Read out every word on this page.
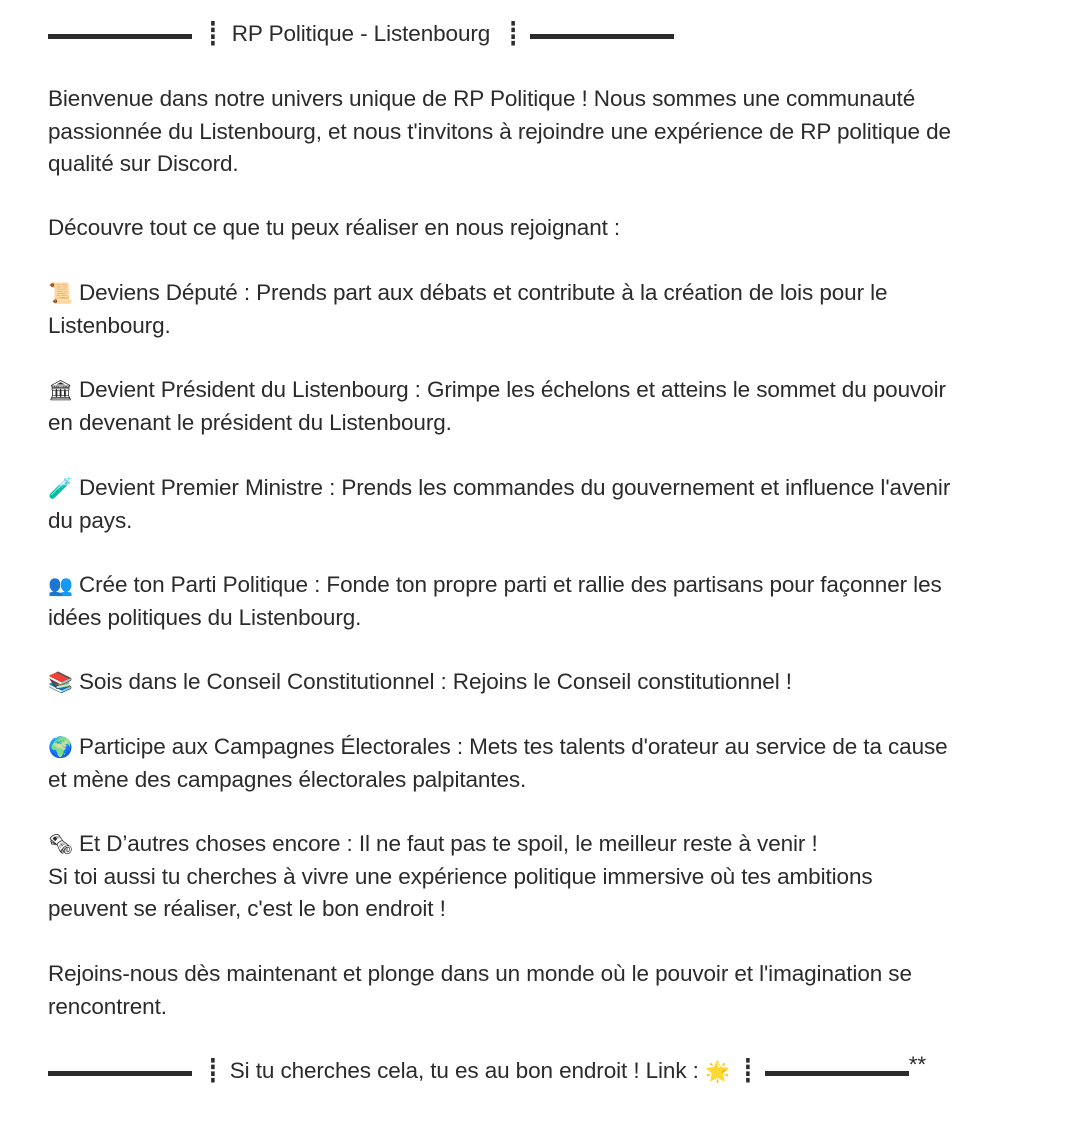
┋ RP Politique - Listenbourg ┋
Bienvenue dans notre univers unique de RP Politique ! Nous sommes une communauté
passionnée du Listenbourg, et nous t'invitons à rejoindre une expérience de RP politique de
qualité sur Discord.
Découvre tout ce que tu peux réaliser en nous rejoignant :
📜 Deviens Député : Prends part aux débats et contribute à la création de lois pour le
Listenbourg.
🏛 Devient Président du Listenbourg : Grimpe les échelons et atteins le sommet du pouvoir
en devenant le président du Listenbourg.
🧪 Devient Premier Ministre : Prends les commandes du gouvernement et influence l'avenir
du pays.
👥 Crée ton Parti Politique : Fonde ton propre parti et rallie des partisans pour façonner les
idées politiques du Listenbourg.
📚 Sois dans le Conseil Constitutionnel : Rejoins le Conseil constitutionnel !
🌍 Participe aux Campagnes Électorales : Mets tes talents d'orateur au service de ta cause
et mène des campagnes électorales palpitantes.
🗞 Et D’autres choses encore : Il ne faut pas te spoil, le meilleur reste à venir !
Si toi aussi tu cherches à vivre une expérience politique immersive où tes ambitions
peuvent se réaliser, c'est le bon endroit !
Rejoins-nous dès maintenant et plonge dans un monde où le pouvoir et l'imagination se
rencontrent.
┋ Si tu cherches cela, tu es au bon endroit ! Link : 🌟 ┋	**
